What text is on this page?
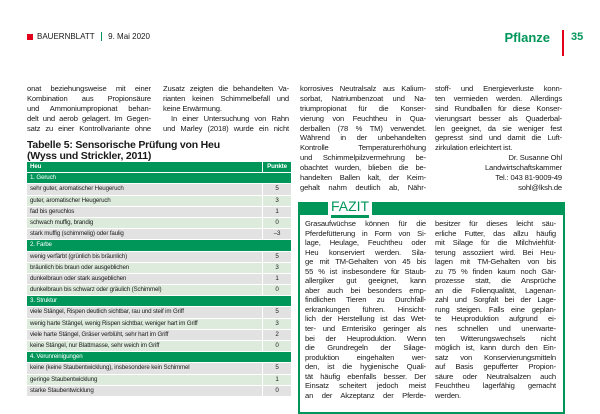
BAUERNBLATT 9. Mai 2020	Pflanze 35
onat beziehungsweise mit einer
Kombination aus Propionsäure
und Ammoniumpropionat behan-
delt und aerob gelagert. Im Gegen-
satz zu einer Kontrollvariante ohne
Zusatz zeigten die behandelten Va-
rianten keinen Schimmelbefall und
keine Erwärmung.
In einer Untersuchung von Rahn
und Marley (2018) wurde ein nicht
korrosives Neutralsalz aus Kalium-
sorbat, Natriumbenzoat und Na-
triumpropionat für die Konser-
vierung von Feuchtheu in Qua-
derballen (78 % TM) verwendet.
Während in der unbehandelten
Kontrolle Temperaturerhöhung
und Schimmelpilzvermehrung be-
obachtet wurden, blieben die be-
handelten Ballen kalt, der Keim-
gehalt nahm deutlich ab, Nähr-
stoff- und Energieverluste konn-
ten vermieden werden. Allerdings
sind Rundballen für diese Konser-
vierungsart besser als Quaderbal-
len geeignet, da sie weniger fest
gepresst sind und damit die Luft-
zirkulation erleichtert ist.
Dr. Susanne Ohl
Landwirtschaftskammer
Tel.: 043 81-9009-49
sohl@lksh.de
Tabelle 5: Sensorische Prüfung von Heu
(Wyss und Strickler, 2011)
Heu	Punkte
1. Geruch
sehr guter, aromatischer Heugeruch	5
guter, aromatischer Heugeruch	3
fad bis geruchlos	1
schwach muffig, brandig	0
stark muffig (schimmelig) oder faulig	–3
2. Farbe
wenig verfärbt (grünlich bis bräunlich)	5
bräunlich bis braun oder ausgeblichen	3
dunkelbraun oder stark ausgeblichen	1
dunkelbraun bis schwarz oder gräulich (Schimmel)	0
3. Struktur
viele Stängel, Rispen deutlich sichtbar, rau und steif im Griff	5
wenig harte Stängel, wenig Rispen sichtbar, weniger hart im Griff	3
viele harte Stängel, Gräser verblüht, sehr hart im Griff	2
keine Stängel, nur Blattmasse, sehr weich im Griff	0
4. Verunreinigungen
keine (keine Staubentwicklung), insbesondere kein Schimmel	5
geringe Staubentwicklung	1
starke Staubentwicklung	0
FAZIT
Grasaufwüchse können für die
Pferdefütterung in Form von Si-
lage, Heulage, Feuchtheu oder
Heu konserviert werden. Sila-
ge mit TM-Gehalten von 45 bis
55 % ist insbesondere für Staub-
allergiker gut geeignet, kann
aber auch bei besonders emp-
findlichen Tieren zu Durchfall-
erkrankungen führen. Hinsicht-
lich der Herstellung ist das Wet-
ter- und Ernterisiko geringer als
bei der Heuproduktion. Wenn
die Grundregeln der Silage-
produktion eingehalten wer-
den, ist die hygienische Quali-
tät häufig ebenfalls besser. Der
Einsatz scheitert jedoch meist
an der Akzeptanz der Pferde-
besitzer für dieses leicht säu-
erliche Futter, das allzu häufig
mit Silage für die Milchviehfüt-
terung assoziiert wird. Bei Heu-
lagen mit TM-Gehalten von bis
zu 75 % finden kaum noch Gär-
prozesse statt, die Ansprüche
an die Folienqualität, Lagenan-
zahl und Sorgfalt bei der Lage-
rung steigen. Falls eine geplan-
te Heuproduktion aufgrund ei-
nes schnellen und unerwarte-
ten Witterungswechsels nicht
möglich ist, kann durch den Ein-
satz von Konservierungsmitteln
auf Basis gepufferter Propion-
säure oder Neutralsalzen auch
Feuchtheu lagerfähig gemacht
werden.
